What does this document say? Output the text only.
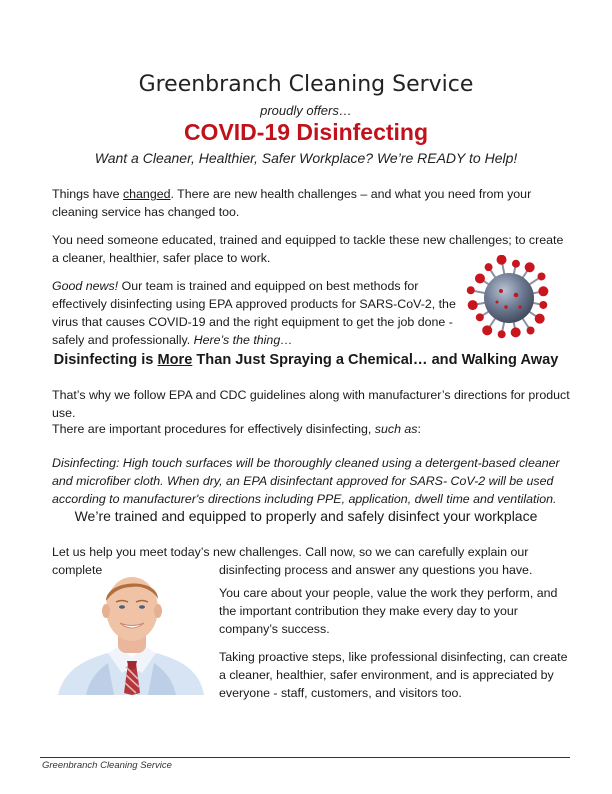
Greenbranch Cleaning Service
proudly offers…
COVID-19 Disinfecting
Want a Cleaner, Healthier, Safer Workplace? We’re READY to Help!

Things have changed. There are new health challenges – and what you need from your cleaning service has changed too.

You need someone educated, trained and equipped to tackle these new challenges; to create a cleaner, healthier, safer place to work.

Good news! Our team is trained and equipped on best methods for effectively disinfecting using EPA approved products for SARS-CoV-2, the virus that causes COVID-19 and the right equipment to get the job done - safely and professionally. Here’s the thing…

Disinfecting is More Than Just Spraying a Chemical… and Walking Away

That’s why we follow EPA and CDC guidelines along with manufacturer’s directions for product use.

There are important procedures for effectively disinfecting, such as:

Disinfecting: High touch surfaces will be thoroughly cleaned using a detergent-based cleaner and microfiber cloth. When dry, an EPA disinfectant approved for SARS- CoV-2 will be used according to manufacturer's directions including PPE, application, dwell time and ventilation.

We’re trained and equipped to properly and safely disinfect your workplace

Let us help you meet today’s new challenges. Call now, so we can carefully explain our complete	disinfecting process and answer any questions you have.

You care about your people, value the work they perform, and the important contribution they make every day to your company’s success.

Taking proactive steps, like professional disinfecting, can create a cleaner, healthier, safer environment, and is appreciated by everyone - staff, customers, and visitors too.

Greenbranch Cleaning Service
